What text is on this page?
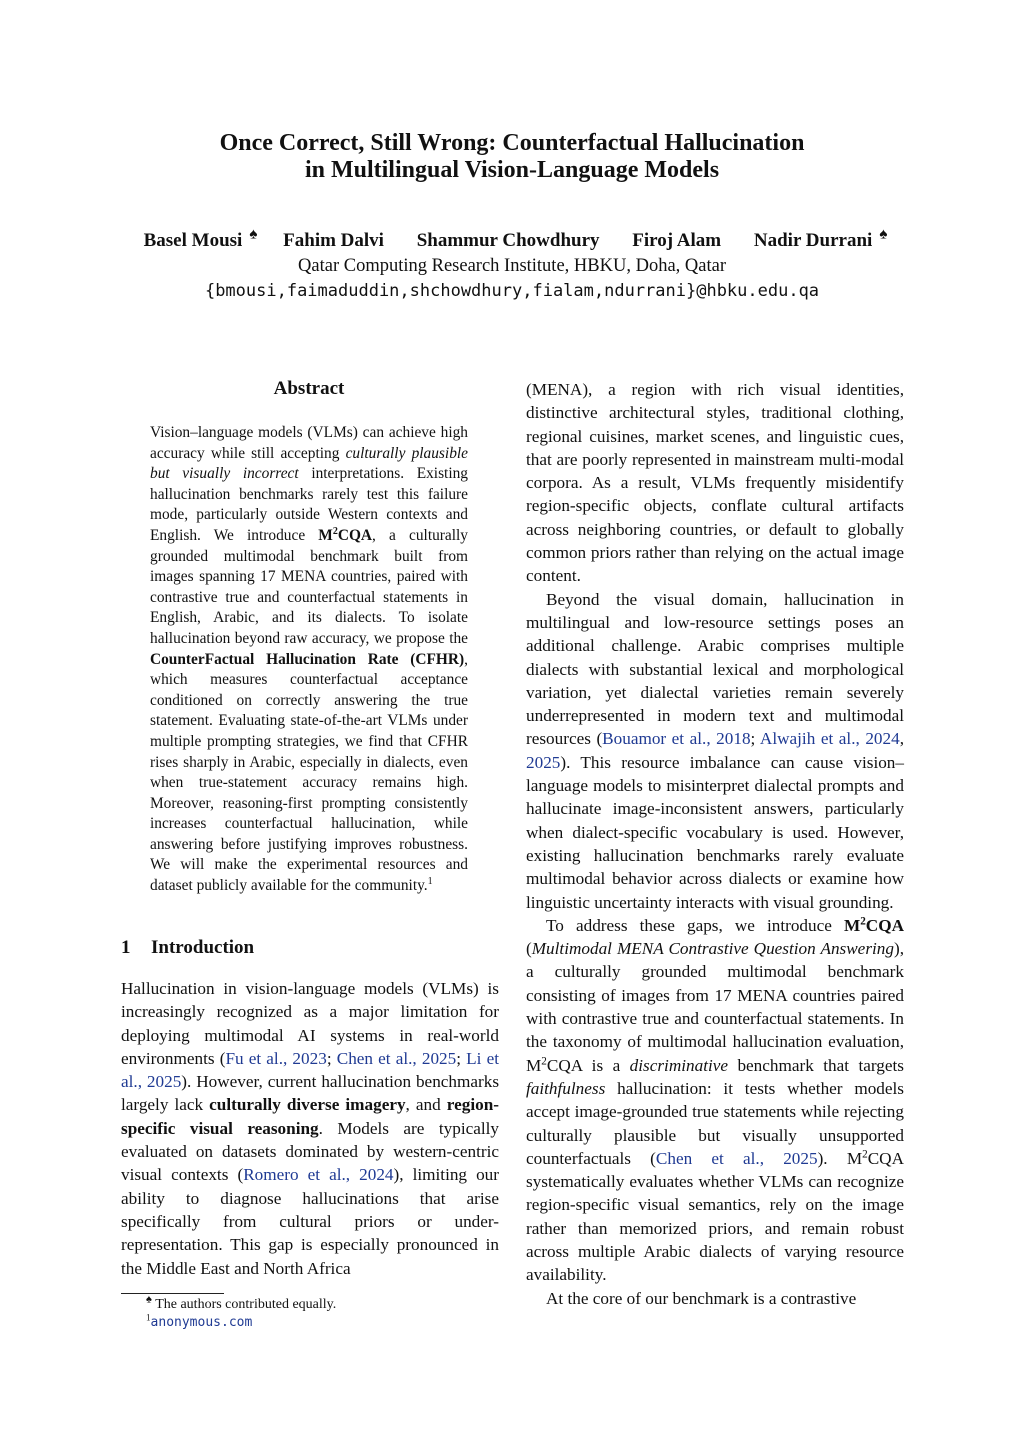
Once Correct, Still Wrong: Counterfactual Hallucination
in Multilingual Vision-Language Models
Basel Mousi ♠ Fahim Dalvi Shammur Chowdhury Firoj Alam Nadir Durrani ♠
Qatar Computing Research Institute, HBKU, Doha, Qatar
{bmousi,faimaduddin,shchowdhury,fialam,ndurrani}@hbku.edu.qa
Abstract

Vision–language models (VLMs) can achieve high accuracy while still accepting culturally plausible but visually incorrect interpretations. Existing hallucination benchmarks rarely test this failure mode, particularly outside Western contexts and English. We introduce $M^2CQA$, a culturally grounded multimodal benchmark built from images spanning 17 MENA countries, paired with contrastive true and counterfactual statements in English, Arabic, and its dialects. To isolate hallucination beyond raw accuracy, we propose the CounterFactual Hallucination Rate (CFHR), which measures counterfactual acceptance conditioned on correctly answering the true statement. Evaluating state-of-the-art VLMs under multiple prompting strategies, we find that CFHR rises sharply in Arabic, especially in dialects, even when true-statement accuracy remains high. Moreover, reasoning-first prompting consistently increases counterfactual hallucination, while answering before justifying improves robustness. We will make the experimental resources and dataset publicly available for the community.$^1$

1 Introduction

Hallucination in vision-language models (VLMs) is increasingly recognized as a major limitation for deploying multimodal AI systems in real-world environments (Fu et al., 2023; Chen et al., 2025; Li et al., 2025). However, current hallucination benchmarks largely lack culturally diverse imagery, and region-specific visual reasoning. Models are typically evaluated on datasets dominated by western-centric visual contexts (Romero et al., 2024), limiting our ability to diagnose hallucinations that arise specifically from cultural priors or under-representation. This gap is especially pronounced in the Middle East and North Africa

(MENA), a region with rich visual identities, distinctive architectural styles, traditional clothing, regional cuisines, market scenes, and linguistic cues, that are poorly represented in mainstream multi-modal corpora. As a result, VLMs frequently misidentify region-specific objects, conflate cultural artifacts across neighboring countries, or default to globally common priors rather than relying on the actual image content.

Beyond the visual domain, hallucination in multilingual and low-resource settings poses an additional challenge. Arabic comprises multiple dialects with substantial lexical and morphological variation, yet dialectal varieties remain severely underrepresented in modern text and multimodal resources (Bouamor et al., 2018; Alwajih et al., 2024, 2025). This resource imbalance can cause vision–language models to misinterpret dialectal prompts and hallucinate image-inconsistent answers, particularly when dialect-specific vocabulary is used. However, existing hallucination benchmarks rarely evaluate multimodal behavior across dialects or examine how linguistic uncertainty interacts with visual grounding.

To address these gaps, we introduce $M^2CQA$ (Multimodal MENA Contrastive Question Answering), a culturally grounded multimodal benchmark consisting of images from 17 MENA countries paired with contrastive true and counterfactual statements. In the taxonomy of multimodal hallucination evaluation, $M^2CQA$ is a discriminative benchmark that targets faithfulness hallucination: it tests whether models accept image-grounded true statements while rejecting culturally plausible but visually unsupported counterfactuals (Chen et al., 2025). $M^2CQA$ systematically evaluates whether VLMs can recognize region-specific visual semantics, rely on the image rather than memorized priors, and remain robust across multiple Arabic dialects of varying resource availability.

At the core of our benchmark is a contrastive

♠ The authors contributed equally.
$^1$anonymous.com
